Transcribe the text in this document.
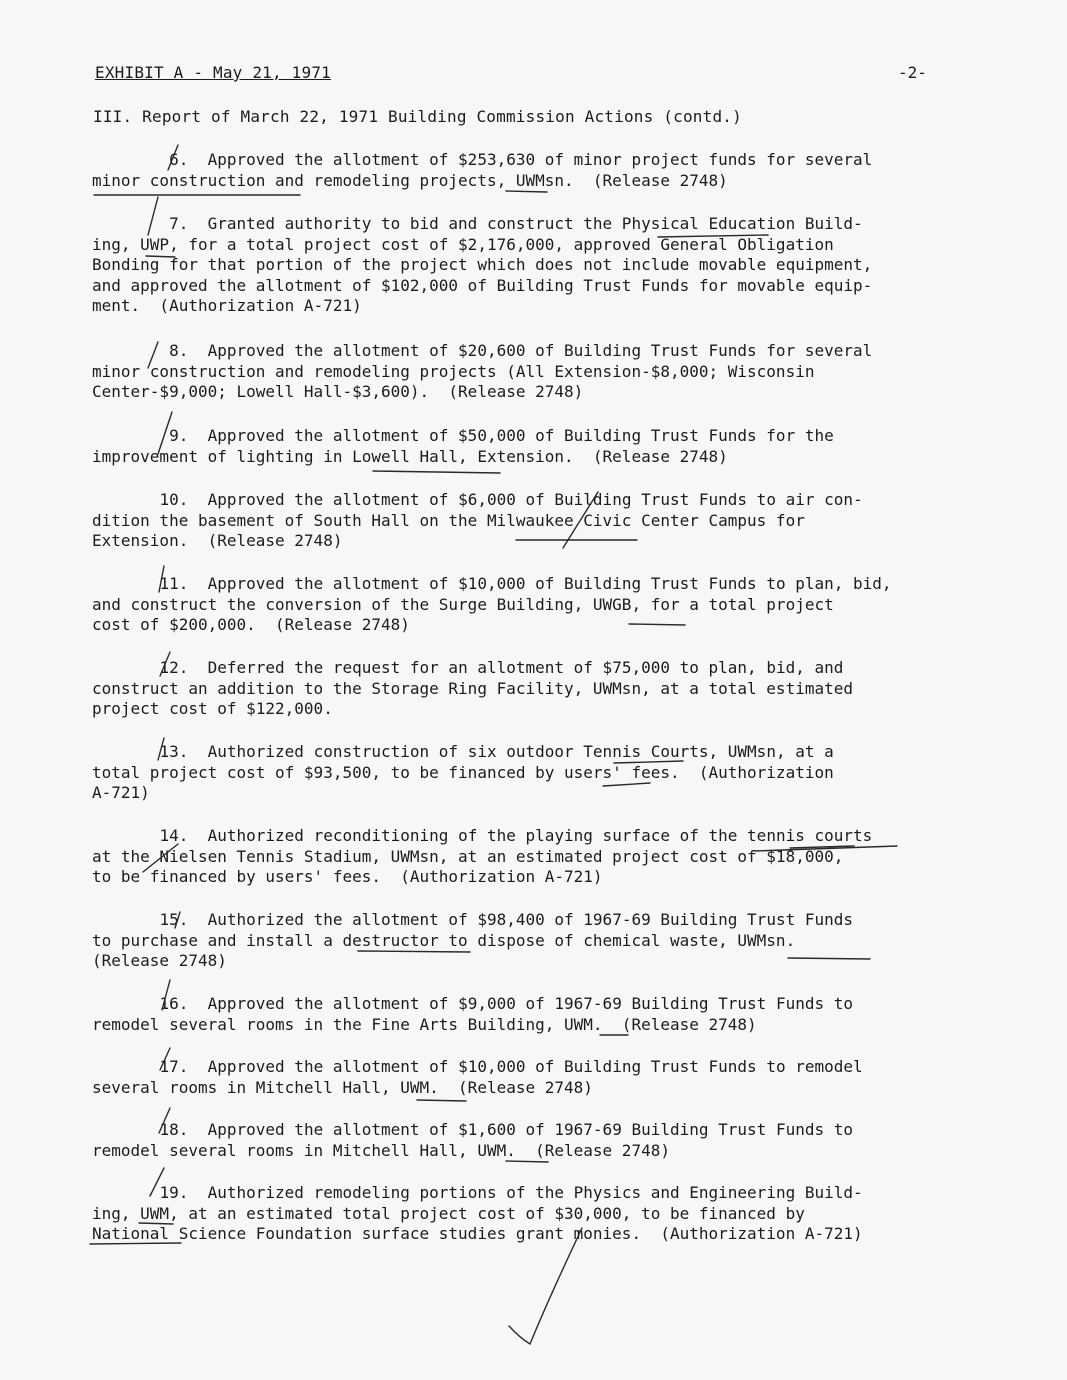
EXHIBIT A - May 21, 1971	-2-
III. Report of March 22, 1971 Building Commission Actions (contd.)

6. Approved the allotment of $253,630 of minor project funds for several
minor construction and remodeling projects, UWMsn.  (Release 2748)

7. Granted authority to bid and construct the Physical Education Build-
ing, UWP, for a total project cost of $2,176,000, approved General Obligation
Bonding for that portion of the project which does not include movable equipment,
and approved the allotment of $102,000 of Building Trust Funds for movable equip-
ment.  (Authorization A-721)

8. Approved the allotment of $20,600 of Building Trust Funds for several
minor construction and remodeling projects (All Extension-$8,000; Wisconsin
Center-$9,000; Lowell Hall-$3,600).  (Release 2748)

9. Approved the allotment of $50,000 of Building Trust Funds for the
improvement of lighting in Lowell Hall, Extension.  (Release 2748)

10. Approved the allotment of $6,000 of Building Trust Funds to air con-
dition the basement of South Hall on the Milwaukee Civic Center Campus for
Extension.  (Release 2748)

11. Approved the allotment of $10,000 of Building Trust Funds to plan, bid,
and construct the conversion of the Surge Building, UWGB, for a total project
cost of $200,000.  (Release 2748)

12. Deferred the request for an allotment of $75,000 to plan, bid, and
construct an addition to the Storage Ring Facility, UWMsn, at a total estimated
project cost of $122,000.

13. Authorized construction of six outdoor Tennis Courts, UWMsn, at a
total project cost of $93,500, to be financed by users' fees.  (Authorization
A-721)

14. Authorized reconditioning of the playing surface of the tennis courts
at the Nielsen Tennis Stadium, UWMsn, at an estimated project cost of $18,000,
to be financed by users' fees.  (Authorization A-721)

15. Authorized the allotment of $98,400 of 1967-69 Building Trust Funds
to purchase and install a destructor to dispose of chemical waste, UWMsn.
(Release 2748)

16. Approved the allotment of $9,000 of 1967-69 Building Trust Funds to
remodel several rooms in the Fine Arts Building, UWM.  (Release 2748)

17. Approved the allotment of $10,000 of Building Trust Funds to remodel
several rooms in Mitchell Hall, UWM.  (Release 2748)

18. Approved the allotment of $1,600 of 1967-69 Building Trust Funds to
remodel several rooms in Mitchell Hall, UWM.  (Release 2748)

19. Authorized remodeling portions of the Physics and Engineering Build-
ing, UWM, at an estimated total project cost of $30,000, to be financed by
National Science Foundation surface studies grant monies.  (Authorization A-721)
